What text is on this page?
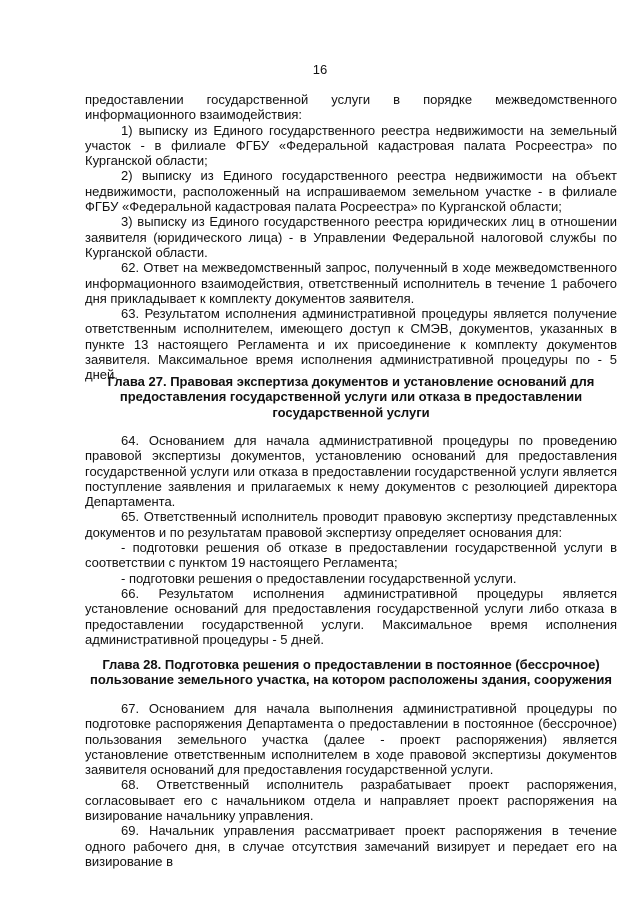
16

предоставлении государственной услуги в порядке межведомственного информационного взаимодействия:

1) выписку из Единого государственного реестра недвижимости на земельный участок - в филиале ФГБУ «Федеральной кадастровая палата Росреестра» по Курганской области;

2) выписку из Единого государственного реестра недвижимости на объект недвижимости, расположенный на испрашиваемом земельном участке - в филиале ФГБУ «Федеральной кадастровая палата Росреестра» по Курганской области;

3) выписку из Единого государственного реестра юридических лиц в отношении заявителя (юридического лица) - в Управлении Федеральной налоговой службы по Курганской области.

62. Ответ на межведомственный запрос, полученный в ходе межведомственного информационного взаимодействия, ответственный исполнитель в течение 1 рабочего дня прикладывает к комплекту документов заявителя.

63. Результатом исполнения административной процедуры является получение ответственным исполнителем, имеющего доступ к СМЭВ, документов, указанных в пункте 13 настоящего Регламента и их присоединение к комплекту документов заявителя. Максимальное время исполнения административной процедуры по - 5 дней.

Глава 27. Правовая экспертиза документов и установление оснований для предоставления государственной услуги или отказа в предоставлении государственной услуги

64. Основанием для начала административной процедуры по проведению правовой экспертизы документов, установлению оснований для предоставления государственной услуги или отказа в предоставлении государственной услуги является поступление заявления и прилагаемых к нему документов с резолюцией директора Департамента.

65. Ответственный исполнитель проводит правовую экспертизу представленных документов и по результатам правовой экспертизу определяет основания для:

- подготовки решения об отказе в предоставлении государственной услуги в соответствии с пунктом 19 настоящего Регламента;

- подготовки решения о предоставлении государственной услуги.

66. Результатом исполнения административной процедуры является установление оснований для предоставления государственной услуги либо отказа в предоставлении государственной услуги. Максимальное время исполнения административной процедуры - 5 дней.

Глава 28. Подготовка решения о предоставлении в постоянное (бессрочное) пользование земельного участка, на котором расположены здания, сооружения

67. Основанием для начала выполнения административной процедуры по подготовке распоряжения Департамента о предоставлении в постоянное (бессрочное) пользования земельного участка (далее - проект распоряжения) является установление ответственным исполнителем в ходе правовой экспертизы документов заявителя оснований для предоставления государственной услуги.

68. Ответственный исполнитель разрабатывает проект распоряжения, согласовывает его с начальником отдела и направляет проект распоряжения на визирование начальнику управления.

69. Начальник управления рассматривает проект распоряжения в течение одного рабочего дня, в случае отсутствия замечаний визирует и передает его на визирование в
